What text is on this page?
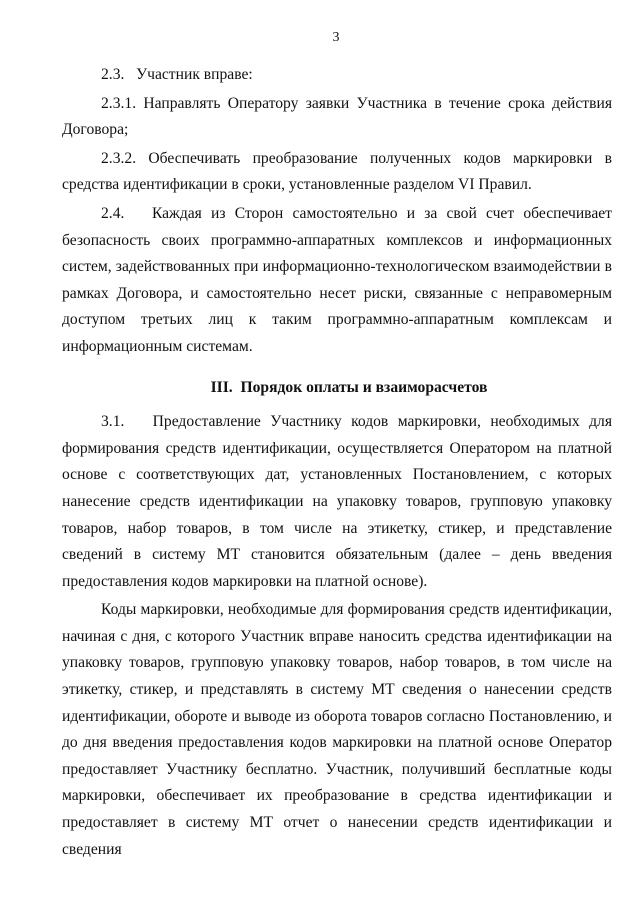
3

2.3.   Участник вправе:

2.3.1. Направлять Оператору заявки Участника в течение срока действия Договора;

2.3.2. Обеспечивать преобразование полученных кодов маркировки в средства идентификации в сроки, установленные разделом VI Правил.

2.4.   Каждая из Сторон самостоятельно и за свой счет обеспечивает безопасность своих программно-аппаратных комплексов и информационных систем, задействованных при информационно-технологическом взаимодействии в рамках Договора, и самостоятельно несет риски, связанные с неправомерным доступом третьих лиц к таким программно-аппаратным комплексам и информационным системам.

III.  Порядок оплаты и взаиморасчетов

3.1.   Предоставление Участнику кодов маркировки, необходимых для формирования средств идентификации, осуществляется Оператором на платной основе с соответствующих дат, установленных Постановлением, с которых нанесение средств идентификации на упаковку товаров, групповую упаковку товаров, набор товаров, в том числе на этикетку, стикер, и представление сведений в систему МТ становится обязательным (далее – день введения предоставления кодов маркировки на платной основе).

Коды маркировки, необходимые для формирования средств идентификации, начиная с дня, с которого Участник вправе наносить средства идентификации на упаковку товаров, групповую упаковку товаров, набор товаров, в том числе на этикетку, стикер, и представлять в систему МТ сведения о нанесении средств идентификации, обороте и выводе из оборота товаров согласно Постановлению, и до дня введения предоставления кодов маркировки на платной основе Оператор предоставляет Участнику бесплатно. Участник, получивший бесплатные коды маркировки, обеспечивает их преобразование в средства идентификации и предоставляет в систему МТ отчет о нанесении средств идентификации и сведения
